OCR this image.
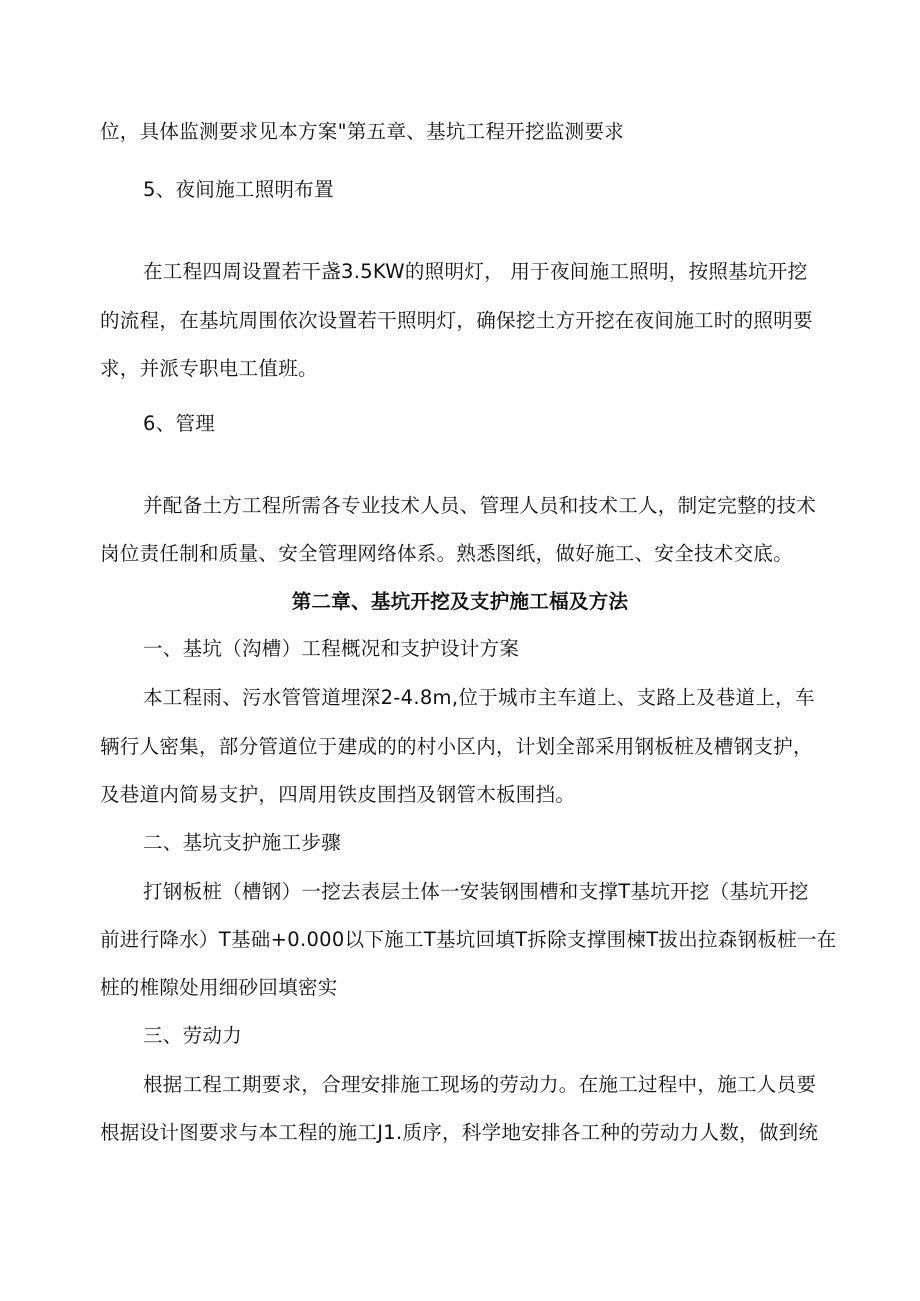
位，具体监测要求见本方案"第五章、基坑工程开挖监测要求
5、夜间施工照明布置
在工程四周设置若干盏3.5KW的照明灯， 用于夜间施工照明，按照基坑开挖
的流程，在基坑周围依次设置若干照明灯，确保挖土方开挖在夜间施工时的照明要
求，并派专职电工值班。
6、管理
并配备土方工程所需各专业技术人员、管理人员和技术工人，制定完整的技术
岗位责任制和质量、安全管理网络体系。熟悉图纸，做好施工、安全技术交底。
第二章、基坑开挖及支护施工楅及方法
一、基坑（沟槽）工程概况和支护设计方案
本工程雨、污水管管道埋深2-4.8m,位于城市主车道上、支路上及巷道上，车
辆行人密集，部分管道位于建成的的村小区内，计划全部采用钢板桩及槽钢支护，
及巷道内简易支护，四周用铁皮围挡及钢管木板围挡。
二、基坑支护施工步骤
打钢板桩（槽钢）一挖去表层土体一安装钢围槽和支撑T基坑开挖（基坑开挖
前进行降水）T基础+0.000以下施工T基坑回填T拆除支撑围楝T拔出拉森钢板桩一在
桩的椎隙处用细砂回填密实
三、劳动力
根据工程工期要求，合理安排施工现场的劳动力。在施工过程中，施工人员要
根据设计图要求与本工程的施工J1.质序，科学地安排各工种的劳动力人数，做到统
